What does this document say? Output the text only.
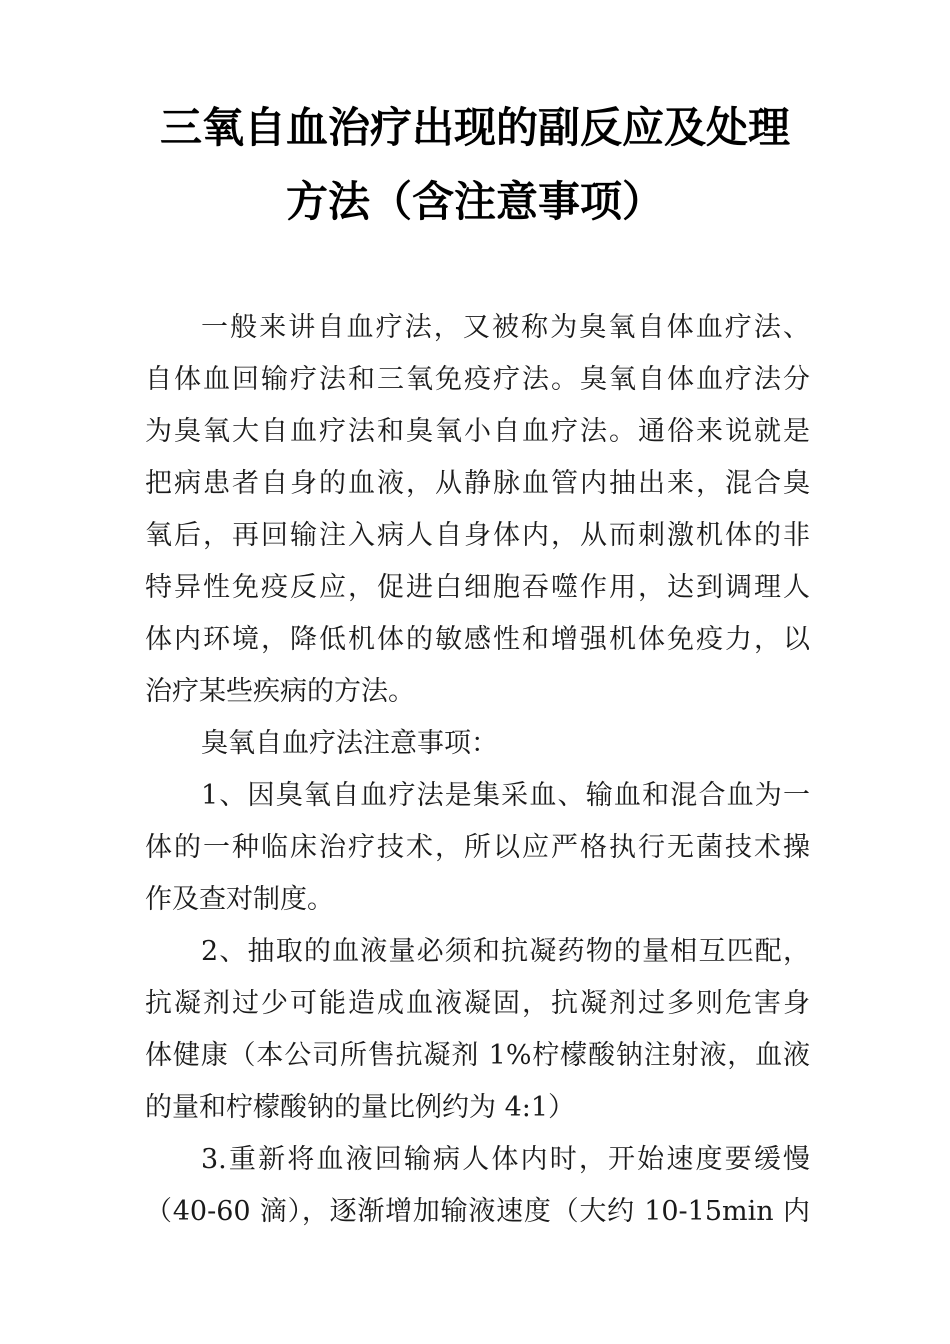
三氧自血治疗出现的副反应及处理
方法（含注意事项）
一般来讲自血疗法，又被称为臭氧自体血疗法、
自体血回输疗法和三氧免疫疗法。臭氧自体血疗法分
为臭氧大自血疗法和臭氧小自血疗法。通俗来说就是
把病患者自身的血液，从静脉血管内抽出来，混合臭
氧后，再回输注入病人自身体内，从而刺激机体的非
特异性免疫反应，促进白细胞吞噬作用，达到调理人
体内环境，降低机体的敏感性和增强机体免疫力，以
治疗某些疾病的方法。
臭氧自血疗法注意事项：
1、因臭氧自血疗法是集采血、输血和混合血为一
体的一种临床治疗技术，所以应严格执行无菌技术操
作及查对制度。
2、抽取的血液量必须和抗凝药物的量相互匹配，
抗凝剂过少可能造成血液凝固，抗凝剂过多则危害身
体健康（本公司所售抗凝剂 1%柠檬酸钠注射液，血液
的量和柠檬酸钠的量比例约为 4:1）
3.重新将血液回输病人体内时，开始速度要缓慢
（40-60 滴），逐渐增加输液速度（大约 10-15min 内
